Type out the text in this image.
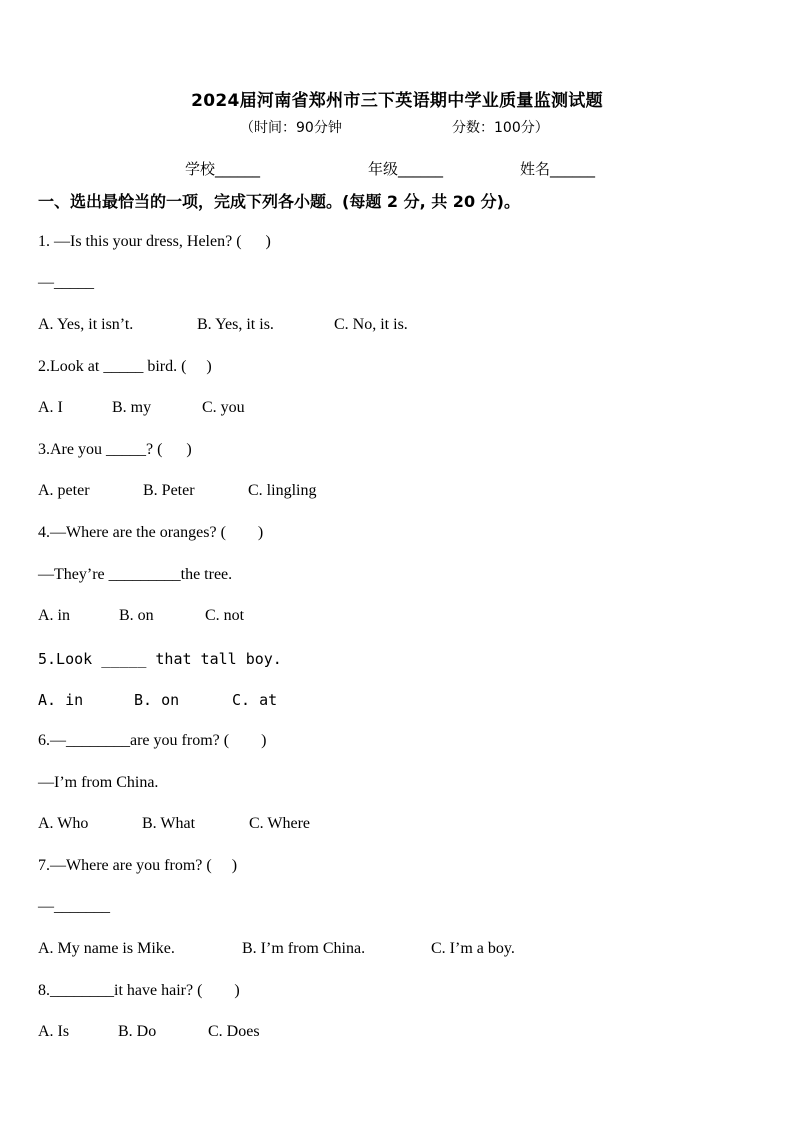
2024届河南省郑州市三下英语期中学业质量监测试题
（时间：90分钟	分数：100分）
学校______	年级______	姓名______
一、选出最恰当的一项，完成下列各小题。(每题 2 分, 共 20 分)。
1. —Is this your dress, Helen? (      )
—_____
A. Yes, it isn’t.	B. Yes, it is.	C. No, it is.
2.Look at _____ bird. (     )
A. I	B. my	C. you
3.Are you _____? (      )
A. peter	B. Peter	C. lingling
4.—Where are the oranges? (        )
—They’re _________the tree.
A. in	B. on	C. not
5.Look _____ that tall boy.
A. in	B. on	C. at
6.—________are you from? (        )
—I’m from China.
A. Who	B. What	C. Where
7.—Where are you from? (     )
—_______
A. My name is Mike.	B. I’m from China.	C. I’m a boy.
8.________it have hair? (        )
A. Is	B. Do	C. Does
